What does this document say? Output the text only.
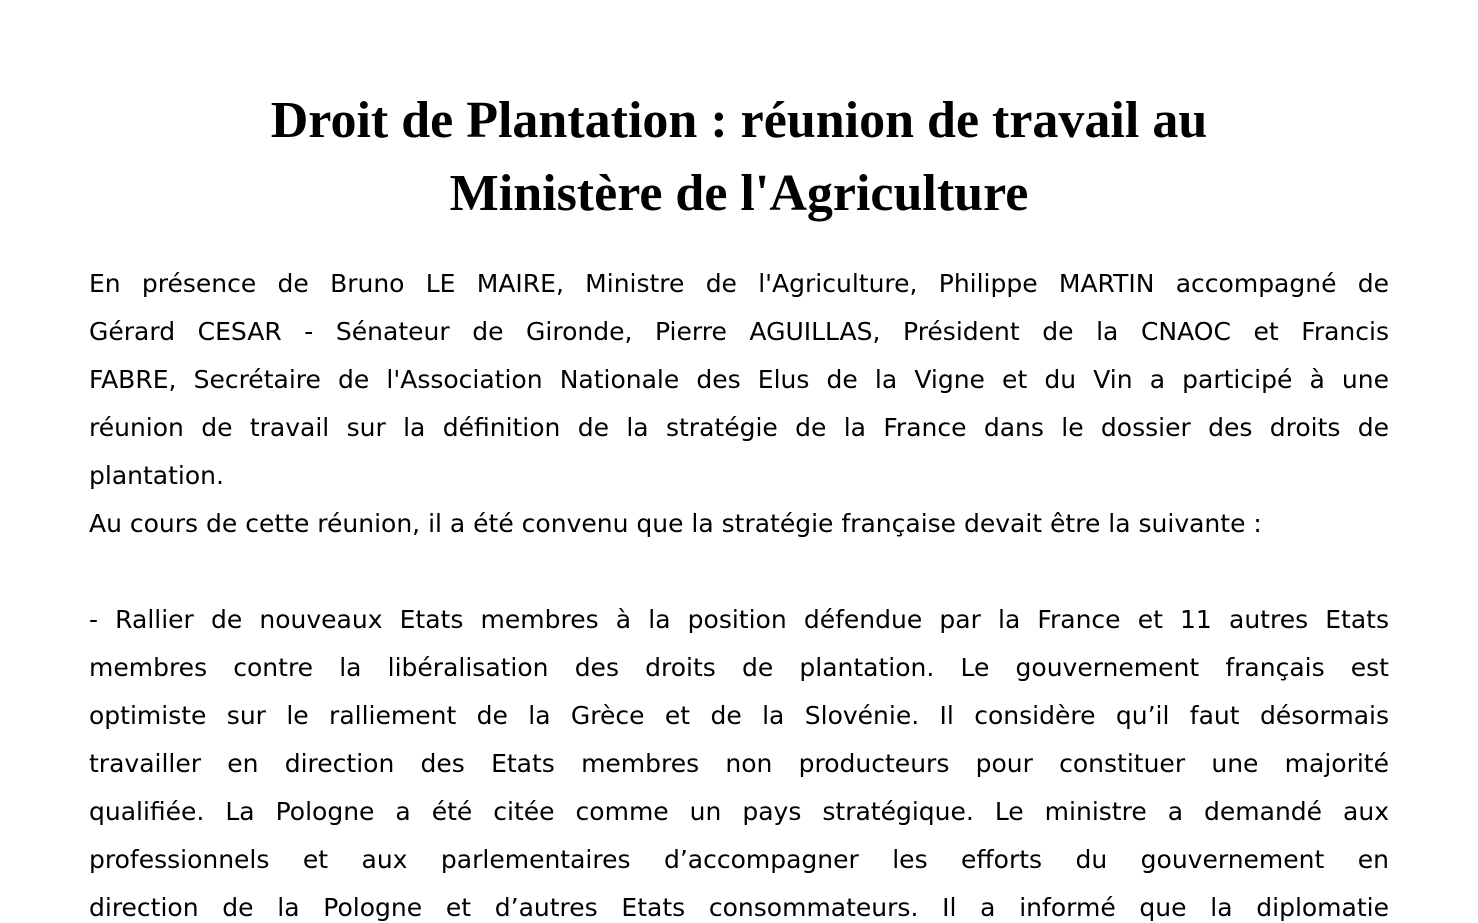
Droit de Plantation : réunion de travail au
Ministère de l'Agriculture
En présence de Bruno LE MAIRE, Ministre de l'Agriculture, Philippe MARTIN accompagné de
Gérard CESAR - Sénateur de Gironde, Pierre AGUILLAS, Président de la CNAOC et Francis
FABRE, Secrétaire de l'Association Nationale des Elus de la Vigne et du Vin a participé à une
réunion de travail sur la définition de la stratégie de la France dans le dossier des droits de
plantation.
Au cours de cette réunion, il a été convenu que la stratégie française devait être la suivante :
- Rallier de nouveaux Etats membres à la position défendue par la France et 11 autres Etats
membres contre la libéralisation des droits de plantation. Le gouvernement français est
optimiste sur le ralliement de la Grèce et de la Slovénie. Il considère qu’il faut désormais
travailler en direction des Etats membres non producteurs pour constituer une majorité
qualifiée. La Pologne a été citée comme un pays stratégique. Le ministre a demandé aux
professionnels et aux parlementaires d’accompagner les efforts du gouvernement en
direction de la Pologne et d’autres Etats consommateurs. Il a informé que la diplomatie
